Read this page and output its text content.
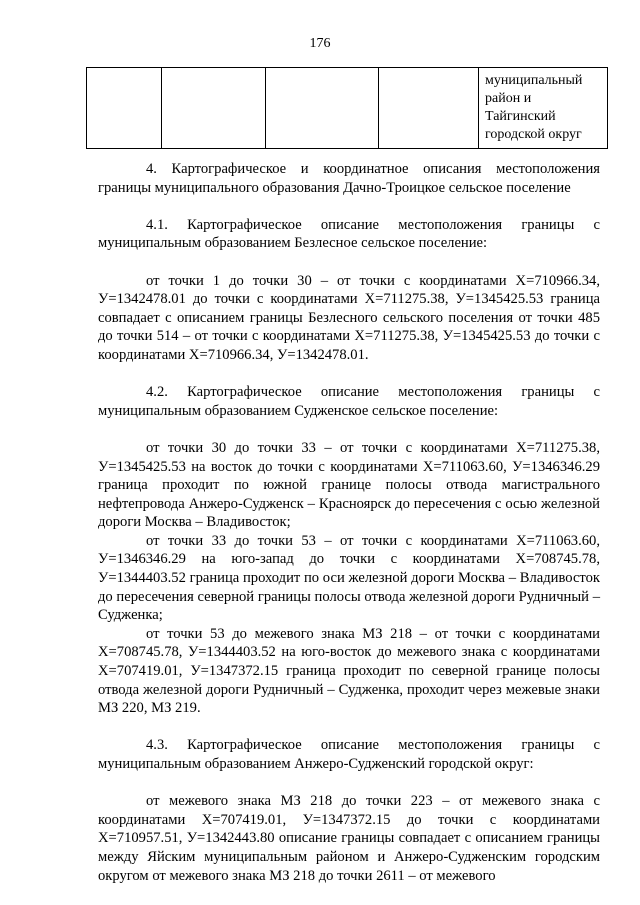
176
				муниципальный район и Тайгинский городской округ

4. Картографическое и координатное описания местоположения границы муниципального образования Дачно-Троицкое сельское поселение

4.1. Картографическое описание местоположения границы с муниципальным образованием Безлесное сельское поселение:

от точки 1 до точки 30 – от точки с координатами Х=710966.34, У=1342478.01 до точки с координатами Х=711275.38, У=1345425.53 граница совпадает с описанием границы Безлесного сельского поселения от точки 485 до точки 514 – от точки с координатами Х=711275.38, У=1345425.53 до точки с координатами Х=710966.34, У=1342478.01.

4.2. Картографическое описание местоположения границы с муниципальным образованием Судженское сельское поселение:

от точки 30 до точки 33 – от точки с координатами Х=711275.38, У=1345425.53 на восток до точки с координатами Х=711063.60, У=1346346.29 граница проходит по южной границе полосы отвода магистрального нефтепровода Анжеро-Судженск – Красноярск до пересечения с осью железной дороги Москва – Владивосток;

от точки 33 до точки 53 – от точки с координатами Х=711063.60, У=1346346.29 на юго-запад до точки с координатами Х=708745.78, У=1344403.52 граница проходит по оси железной дороги Москва – Владивосток до пересечения северной границы полосы отвода железной дороги Рудничный – Судженка;

от точки 53 до межевого знака МЗ 218 – от точки с координатами Х=708745.78, У=1344403.52 на юго-восток до межевого знака с координатами Х=707419.01, У=1347372.15 граница проходит по северной границе полосы отвода железной дороги Рудничный – Судженка, проходит через межевые знаки МЗ 220, МЗ 219.

4.3. Картографическое описание местоположения границы с муниципальным образованием Анжеро-Судженский городской округ:

от межевого знака МЗ 218 до точки 223 – от межевого знака с координатами Х=707419.01, У=1347372.15 до точки с координатами Х=710957.51, У=1342443.80 описание границы совпадает с описанием границы между Яйским муниципальным районом и Анжеро-Судженским городским округом от межевого знака МЗ 218 до точки 2611 – от межевого
